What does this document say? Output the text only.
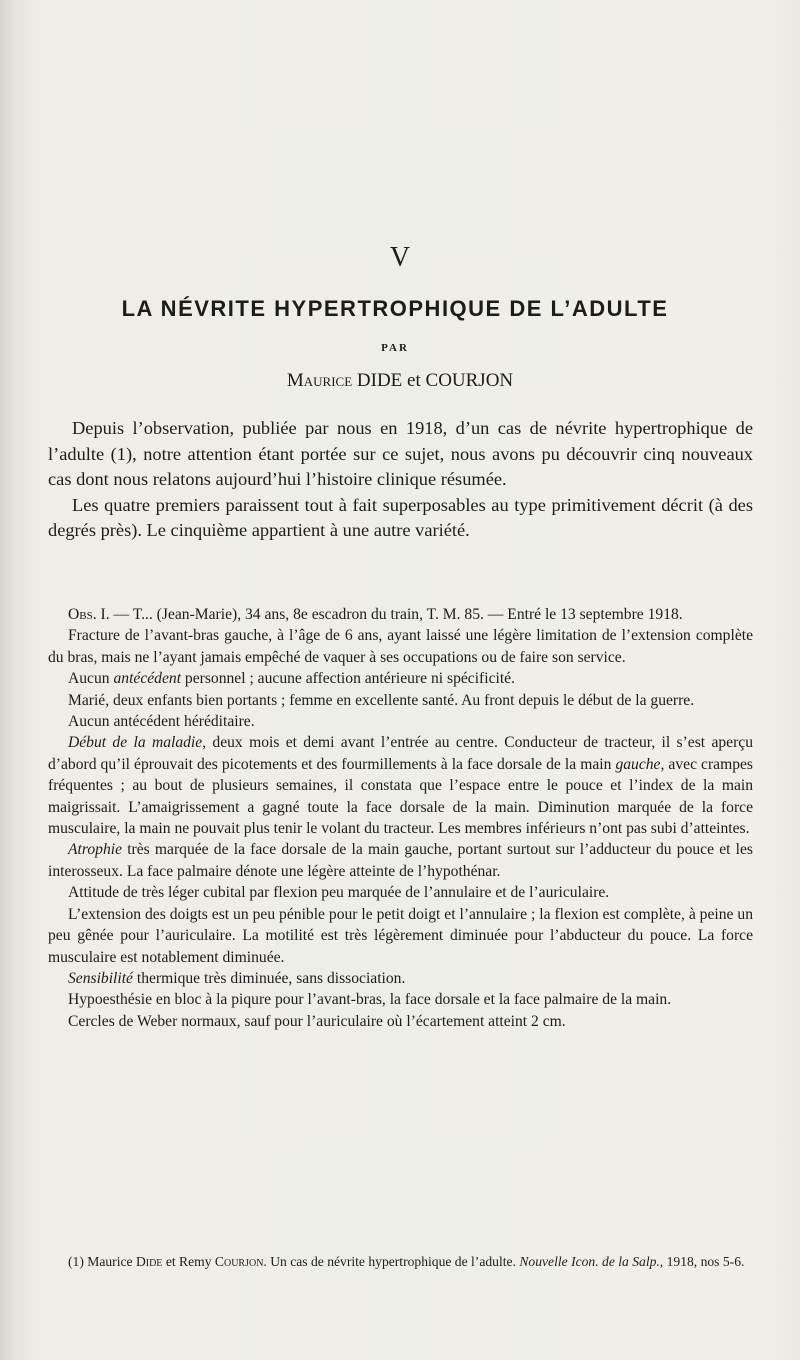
V
LA NÉVRITE HYPERTROPHIQUE DE L’ADULTE
PAR
Maurice DIDE et COURJON

Depuis l’observation, publiée par nous en 1918, d’un cas de névrite hypertrophique de l’adulte (1), notre attention étant portée sur ce sujet, nous avons pu découvrir cinq nouveaux cas dont nous relatons aujourd’hui l’histoire clinique résumée.

Les quatre premiers paraissent tout à fait superposables au type primitivement décrit (à des degrés près). Le cinquième appartient à une autre variété.

Obs. I. — T... (Jean-Marie), 34 ans, 8e escadron du train, T. M. 85. — Entré le 13 septembre 1918.

Fracture de l’avant-bras gauche, à l’âge de 6 ans, ayant laissé une légère limitation de l’extension complète du bras, mais ne l’ayant jamais empêché de vaquer à ses occupations ou de faire son service.

Aucun antécédent personnel ; aucune affection antérieure ni spécificité.

Marié, deux enfants bien portants ; femme en excellente santé. Au front depuis le début de la guerre.

Aucun antécédent héréditaire.

Début de la maladie, deux mois et demi avant l’entrée au centre. Conducteur de tracteur, il s’est aperçu d’abord qu’il éprouvait des picotements et des fourmillements à la face dorsale de la main gauche, avec crampes fréquentes ; au bout de plusieurs semaines, il constata que l’espace entre le pouce et l’index de la main maigrissait. L’amaigrissement a gagné toute la face dorsale de la main. Diminution marquée de la force musculaire, la main ne pouvait plus tenir le volant du tracteur. Les membres inférieurs n’ont pas subi d’atteintes.

Atrophie très marquée de la face dorsale de la main gauche, portant surtout sur l’adducteur du pouce et les interosseux. La face palmaire dénote une légère atteinte de l’hypothénar.

Attitude de très léger cubital par flexion peu marquée de l’annulaire et de l’auriculaire.

L’extension des doigts est un peu pénible pour le petit doigt et l’annulaire ; la flexion est complète, à peine un peu gênée pour l’auriculaire. La motilité est très légèrement diminuée pour l’abducteur du pouce. La force musculaire est notablement diminuée.

Sensibilité thermique très diminuée, sans dissociation.

Hypoesthésie en bloc à la piqure pour l’avant-bras, la face dorsale et la face palmaire de la main.

Cercles de Weber normaux, sauf pour l’auriculaire où l’écartement atteint 2 cm.

(1) Maurice Dide et Remy Courjon. Un cas de névrite hypertrophique de l’adulte. Nouvelle Icon. de la Salp., 1918, nos 5-6.
